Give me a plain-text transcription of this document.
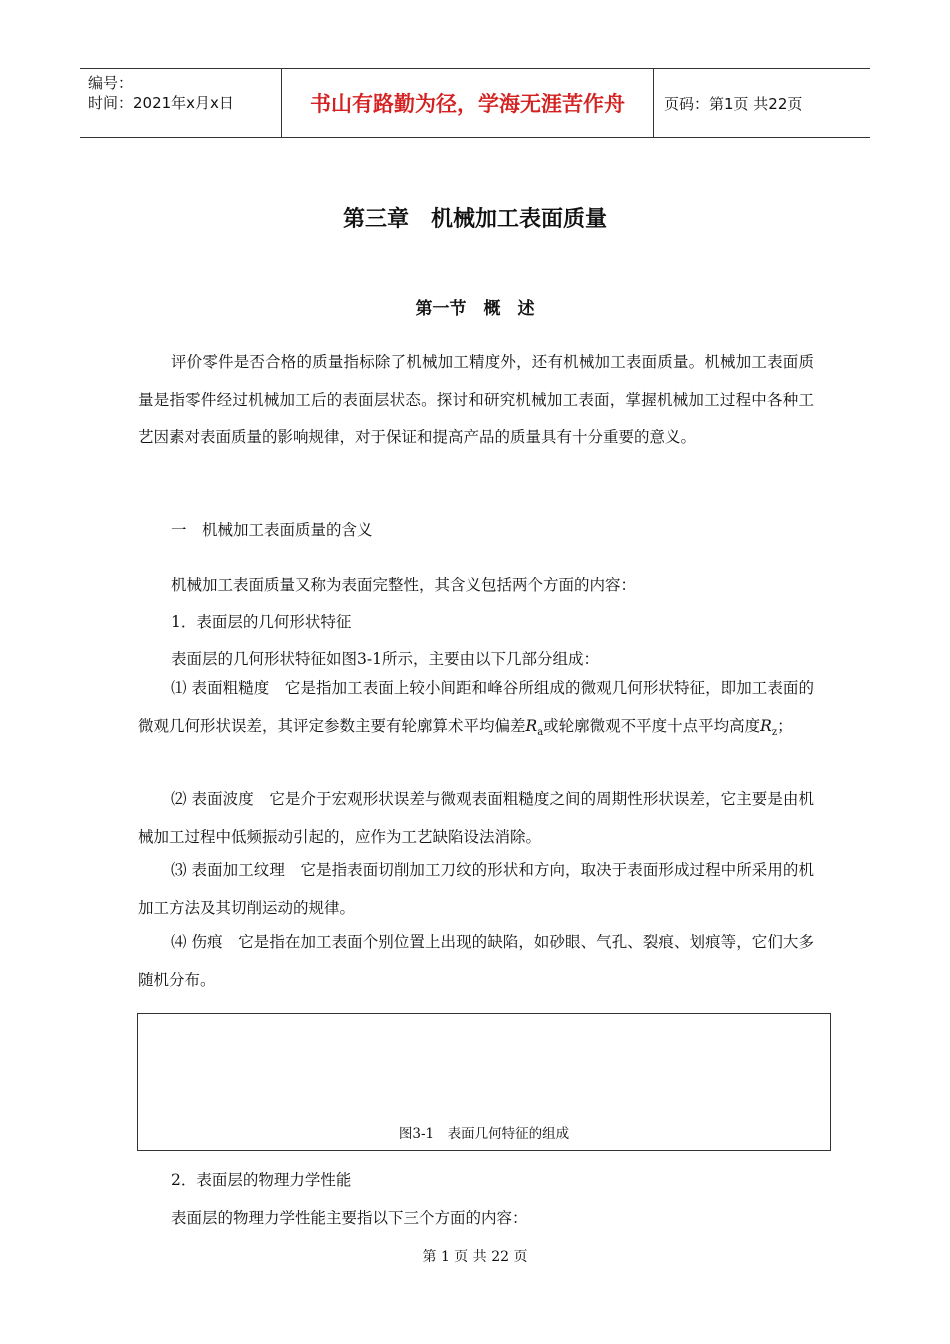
编号：
时间：2021年x月x日	书山有路勤为径，学海无涯苦作舟	页码：第1页 共22页
第三章　机械加工表面质量
第一节　概　述
评价零件是否合格的质量指标除了机械加工精度外，还有机械加工表面质量。机械加工表面质量是指零件经过机械加工后的表面层状态。探讨和研究机械加工表面，掌握机械加工过程中各种工艺因素对表面质量的影响规律，对于保证和提高产品的质量具有十分重要的意义。
一　机械加工表面质量的含义
机械加工表面质量又称为表面完整性，其含义包括两个方面的内容：
1．表面层的几何形状特征
表面层的几何形状特征如图3-1所示，主要由以下几部分组成：
⑴ 表面粗糙度　它是指加工表面上较小间距和峰谷所组成的微观几何形状特征，即加工表面的微观几何形状误差，其评定参数主要有轮廓算术平均偏差$R_a$或轮廓微观不平度十点平均高度$R_z$；
⑵ 表面波度　它是介于宏观形状误差与微观表面粗糙度之间的周期性形状误差，它主要是由机械加工过程中低频振动引起的，应作为工艺缺陷设法消除。
⑶ 表面加工纹理　它是指表面切削加工刀纹的形状和方向，取决于表面形成过程中所采用的机加工方法及其切削运动的规律。
⑷ 伤痕　它是指在加工表面个别位置上出现的缺陷，如砂眼、气孔、裂痕、划痕等，它们大多随机分布。
图3-1　表面几何特征的组成
2．表面层的物理力学性能
表面层的物理力学性能主要指以下三个方面的内容：
第 1 页 共 22 页
